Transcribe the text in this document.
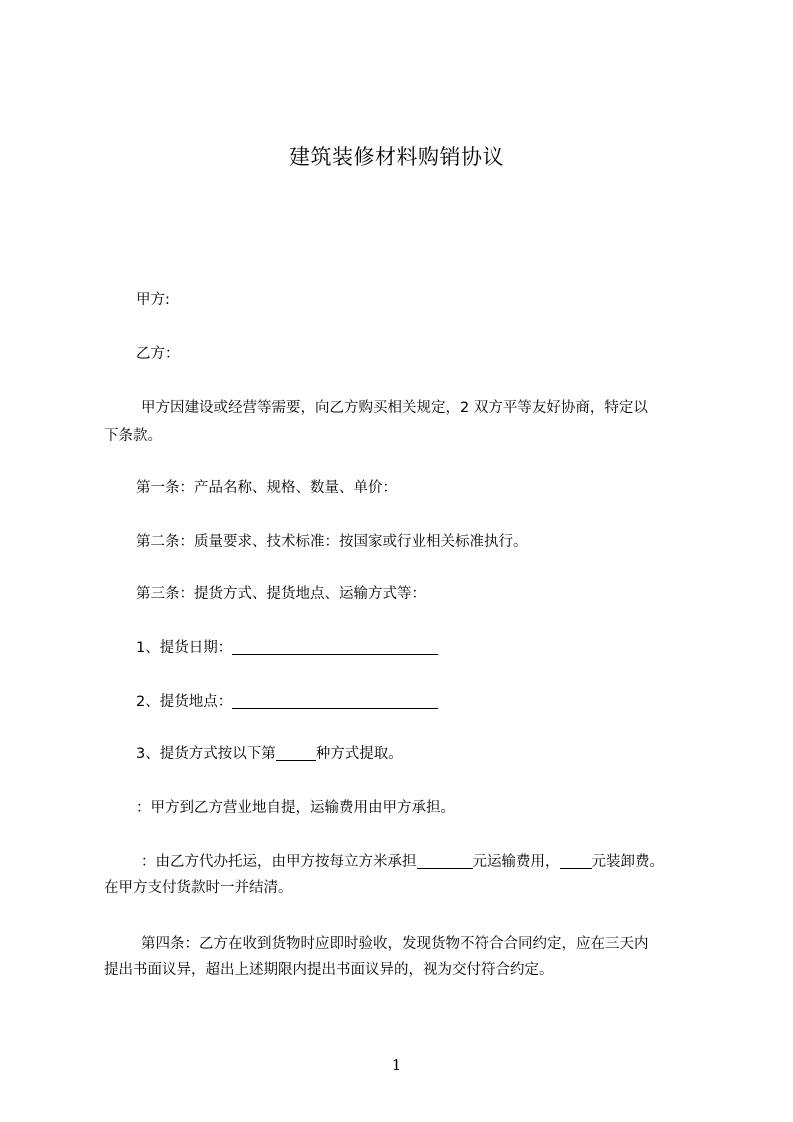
建筑装修材料购销协议
甲方:
乙方：
甲方因建设或经营等需要，向乙方购买相关规定，2 双方平等友好协商，特定以
下条款。
第一条：产品名称、规格、数量、单价：
第二条：质量要求、技术标准：按国家或行业相关标准执行。
第三条：提货方式、提货地点、运输方式等：
1、提货日期：
2、提货地点：
3、提货方式按以下第	种方式提取。
：甲方到乙方营业地自提，运输费用由甲方承担。
：由乙方代办托运，由甲方按每立方米承担	元运输费用， 元装卸费。
在甲方支付货款时一并结清。
第四条：乙方在收到货物时应即时验收，发现货物不符合合同约定，应在三天内
提出书面议异，超出上述期限内提出书面议异的，视为交付符合约定。
1
